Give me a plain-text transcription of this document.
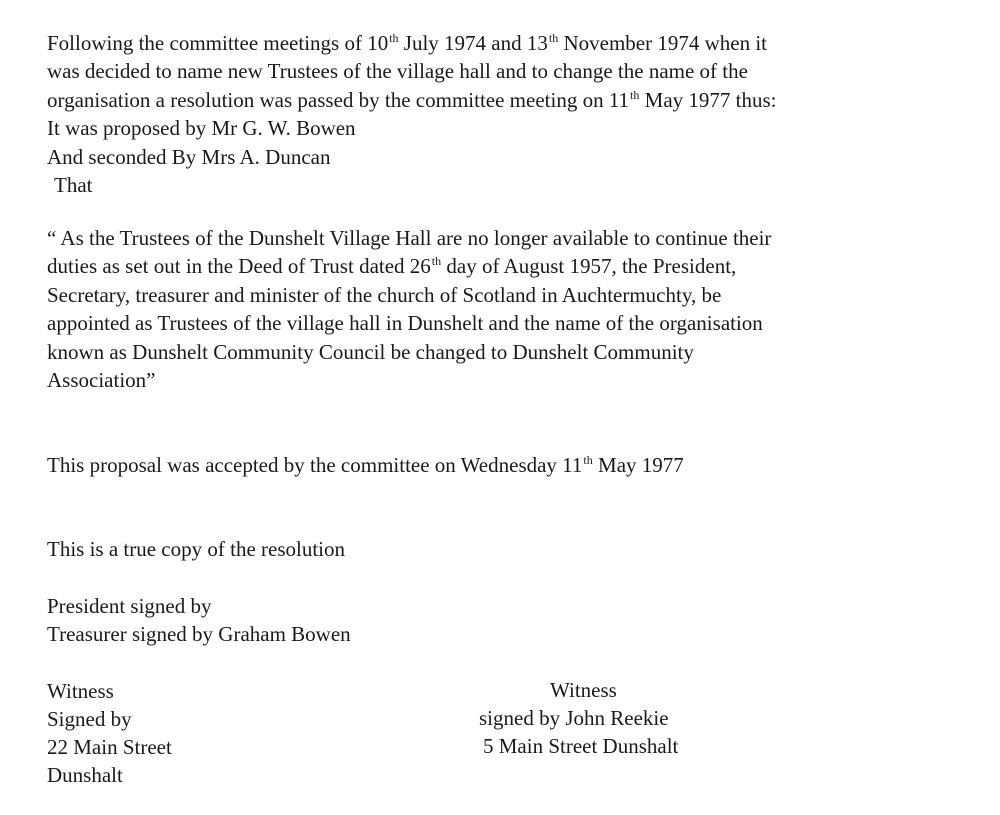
Following the committee meetings of 10th July 1974 and 13th November 1974 when it
was decided to name new Trustees of the village hall and to change the name of the
organisation a resolution was passed by the committee meeting on 11th May 1977 thus:
It was proposed by Mr G. W. Bowen
And seconded By Mrs A. Duncan
That
“ As the Trustees of the Dunshelt Village Hall are no longer available to continue their
duties as set out in the Deed of Trust dated 26th day of August 1957, the President,
Secretary, treasurer and minister of the church of Scotland in Auchtermuchty, be
appointed as Trustees of the village hall in Dunshelt and the name of the organisation
known as Dunshelt Community Council be changed to Dunshelt Community
Association”
This proposal was accepted by the committee on Wednesday 11th May 1977
This is a true copy of the resolution
President signed by
Treasurer signed by Graham Bowen
Witness
Signed by
22 Main Street
Dunshalt
Witness
signed by John Reekie
5 Main Street Dunshalt
